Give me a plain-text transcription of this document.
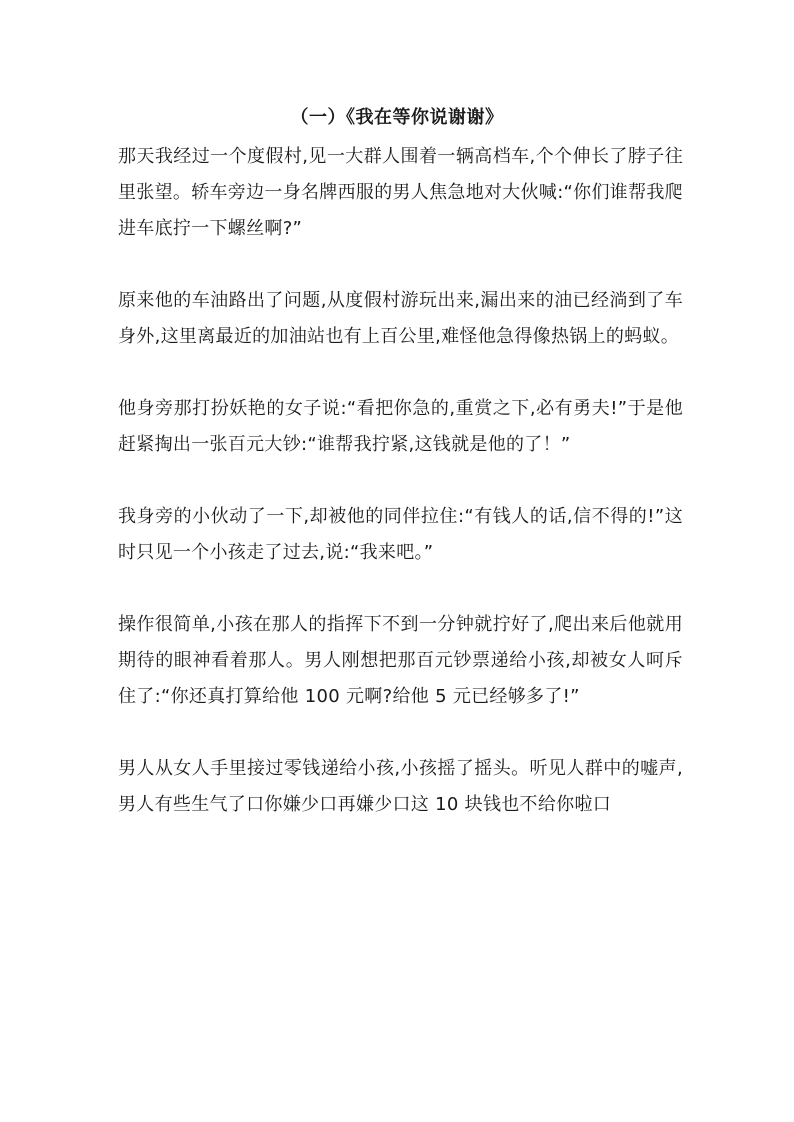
（一）《我在等你说谢谢》

那天我经过一个度假村,见一大群人围着一辆高档车,个个伸长了脖子往里张望。轿车旁边一身名牌西服的男人焦急地对大伙喊:“你们谁帮我爬进车底拧一下螺丝啊?”

原来他的车油路出了问题,从度假村游玩出来,漏出来的油已经淌到了车身外,这里离最近的加油站也有上百公里,难怪他急得像热锅上的蚂蚁。

他身旁那打扮妖艳的女子说:“看把你急的,重赏之下,必有勇夫!”于是他赶紧掏出一张百元大钞:“谁帮我拧紧,这钱就是他的了！”

我身旁的小伙动了一下,却被他的同伴拉住:“有钱人的话,信不得的!”这时只见一个小孩走了过去,说:“我来吧。”

操作很简单,小孩在那人的指挥下不到一分钟就拧好了,爬出来后他就用期待的眼神看着那人。男人刚想把那百元钞票递给小孩,却被女人呵斥住了:“你还真打算给他 100 元啊?给他 5 元已经够多了!”

男人从女人手里接过零钱递给小孩,小孩摇了摇头。听见人群中的嘘声,男人有些生气了口你嫌少口再嫌少口这 10 块钱也不给你啦口
